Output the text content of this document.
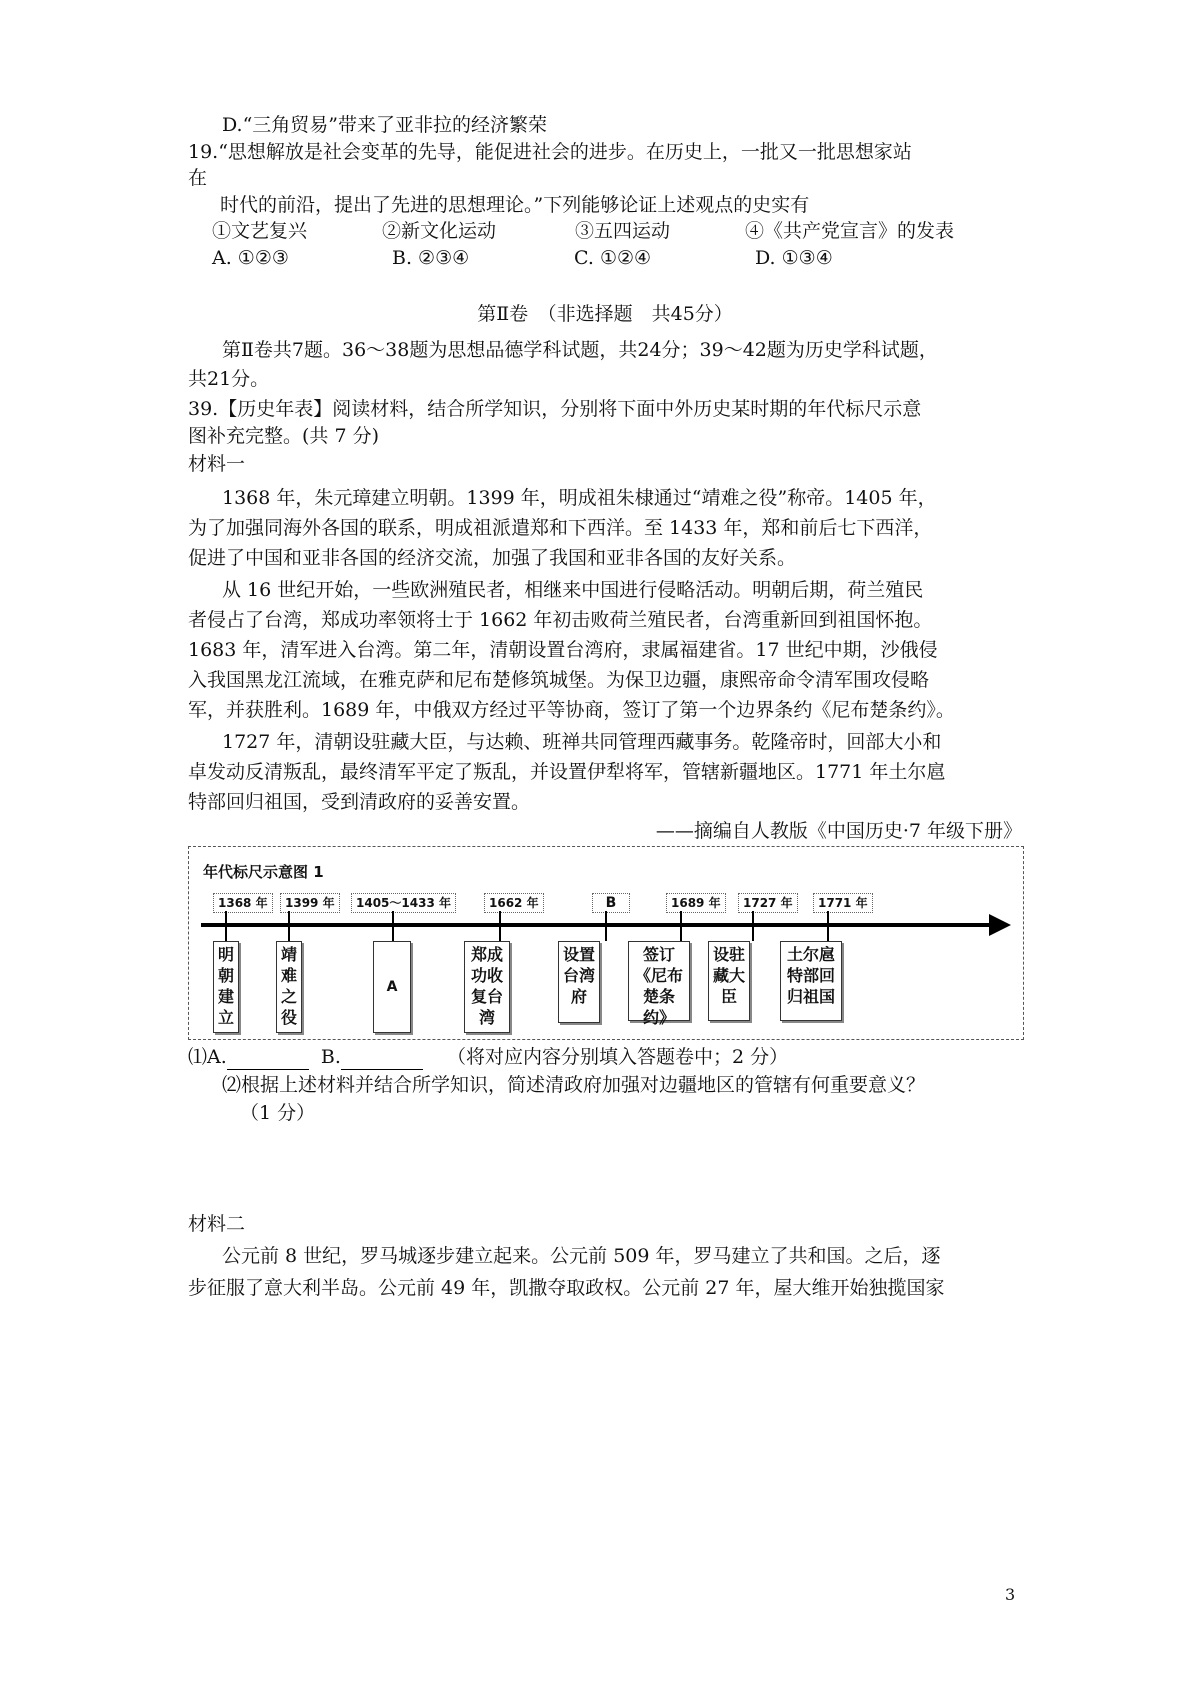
D.“三角贸易”带来了亚非拉的经济繁荣
19.“思想解放是社会变革的先导，能促进社会的进步。在历史上，一批又一批思想家站
在
时代的前沿，提出了先进的思想理论。”下列能够论证上述观点的史实有
①文艺复兴	②新文化运动	③五四运动	④《共产党宣言》的发表
A. ①②③	B. ②③④	C. ①②④	D. ①③④
第Ⅱ卷　（非选择题　共45分）
第Ⅱ卷共7题。36～38题为思想品德学科试题，共24分；39～42题为历史学科试题，
共21分。
39.【历史年表】阅读材料，结合所学知识，分别将下面中外历史某时期的年代标尺示意
图补充完整。(共 7 分)
材料一
1368 年，朱元璋建立明朝。1399 年，明成祖朱棣通过“靖难之役”称帝。1405 年，
为了加强同海外各国的联系，明成祖派遣郑和下西洋。至 1433 年，郑和前后七下西洋，
促进了中国和亚非各国的经济交流，加强了我国和亚非各国的友好关系。
从 16 世纪开始，一些欧洲殖民者，相继来中国进行侵略活动。明朝后期，荷兰殖民
者侵占了台湾，郑成功率领将士于 1662 年初击败荷兰殖民者，台湾重新回到祖国怀抱。
1683 年，清军进入台湾。第二年，清朝设置台湾府，隶属福建省。17 世纪中期，沙俄侵
入我国黑龙江流域，在雅克萨和尼布楚修筑城堡。为保卫边疆，康熙帝命令清军围攻侵略
军，并获胜利。1689 年，中俄双方经过平等协商，签订了第一个边界条约《尼布楚条约》。
1727 年，清朝设驻藏大臣，与达赖、班禅共同管理西藏事务。乾隆帝时，回部大小和
卓发动反清叛乱，最终清军平定了叛乱，并设置伊犁将军，管辖新疆地区。1771 年土尔扈
特部回归祖国，受到清政府的妥善安置。
——摘编自人教版《中国历史·7 年级下册》
年代标尺示意图 1
1368 年	1399 年	1405～1433 年	1662 年	B	1689 年	1727 年	1771 年
明朝建立
靖难之役
A
郑成功收复台湾
设置台湾府
签订《尼布楚条约》
设驻藏大臣
土尔扈特部回归祖国
⑴A.	B.	（将对应内容分别填入答题卷中；2 分）
⑵根据上述材料并结合所学知识，简述清政府加强对边疆地区的管辖有何重要意义？
（1 分）
材料二
公元前 8 世纪，罗马城逐步建立起来。公元前 509 年，罗马建立了共和国。之后，逐
步征服了意大利半岛。公元前 49 年，凯撒夺取政权。公元前 27 年，屋大维开始独揽国家
3
